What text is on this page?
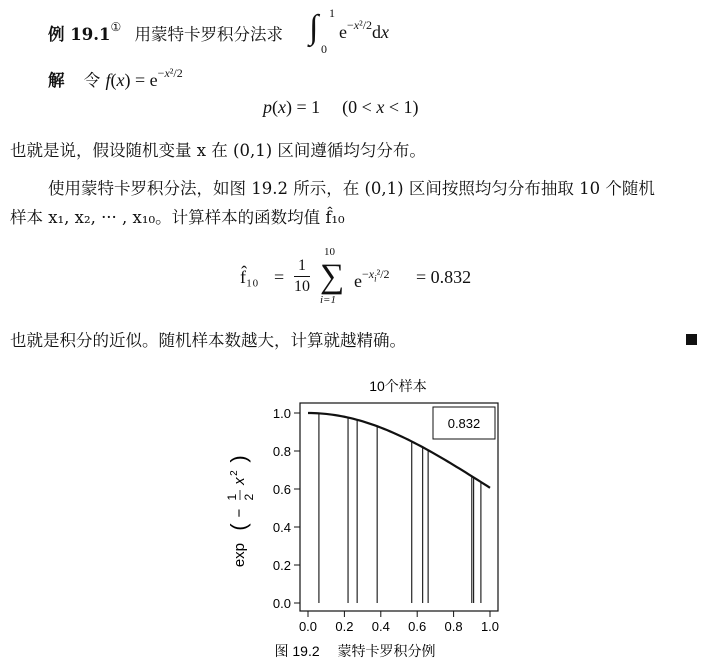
例 19.1① 用蒙特卡罗积分法求 ∫ 1
0
$e^{-x^2/2}dx$
解 令 $f(x) = e^{-x^2/2}$
p(x) = 1 (0 < x < 1)
也就是说，假设随机变量 x 在 (0,1) 区间遵循均匀分布。
使用蒙特卡罗积分法，如图 19.2 所示，在 (0,1) 区间按照均匀分布抽取 10 个随机
样本 x₁, x₂, ··· , x₁₀。计算样本的函数均值 f̂₁₀
f̂₁₀ = $\frac{1}{10}$
10
∑
i=1
$e^{-x_i^2/2} = 0.832$
也就是积分的近似。随机样本数越大，计算就越精确。
10个样本
0.0
0.2
0.4
0.6
0.8
1.0
0.0 0.2 0.4 0.6 0.8 1.0
0.832
exp ( − 1 2 x 2 )
图 19.2　 蒙特卡罗积分例
